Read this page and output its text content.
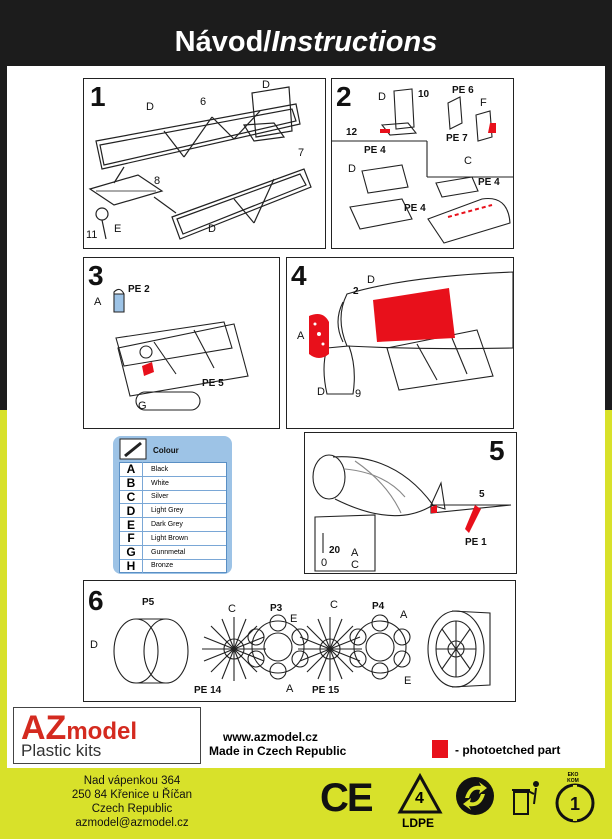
Návod/Instructions
1	D	6
D
7
8
D
11 E
2 D	10
12
PE 6
F
PE 7
C
PE 4
D
PE 4
PE 4
3 PE 2
A
PE 5
G
4	D
2
A
D	9
Colour
A	Black
B	White
C	Silver
D	Light Grey
E	Dark Grey
F	Light Brown
G	Gunnmetal
H	Bronze
5
5
PE 1
20 A
0 C
6	P5
D
C	P3
E
PE 14	A
C	P4
A
PE 15
E
AZmodel
Plastic kits
www.azmodel.cz
Made in Czech Republic	- photoetched part
Nad vápenkou 364
250 84 Křenice u Říčan
Czech Republic
azmodel@azmodel.cz
CE	4
LDPE
1
EKO KOM
